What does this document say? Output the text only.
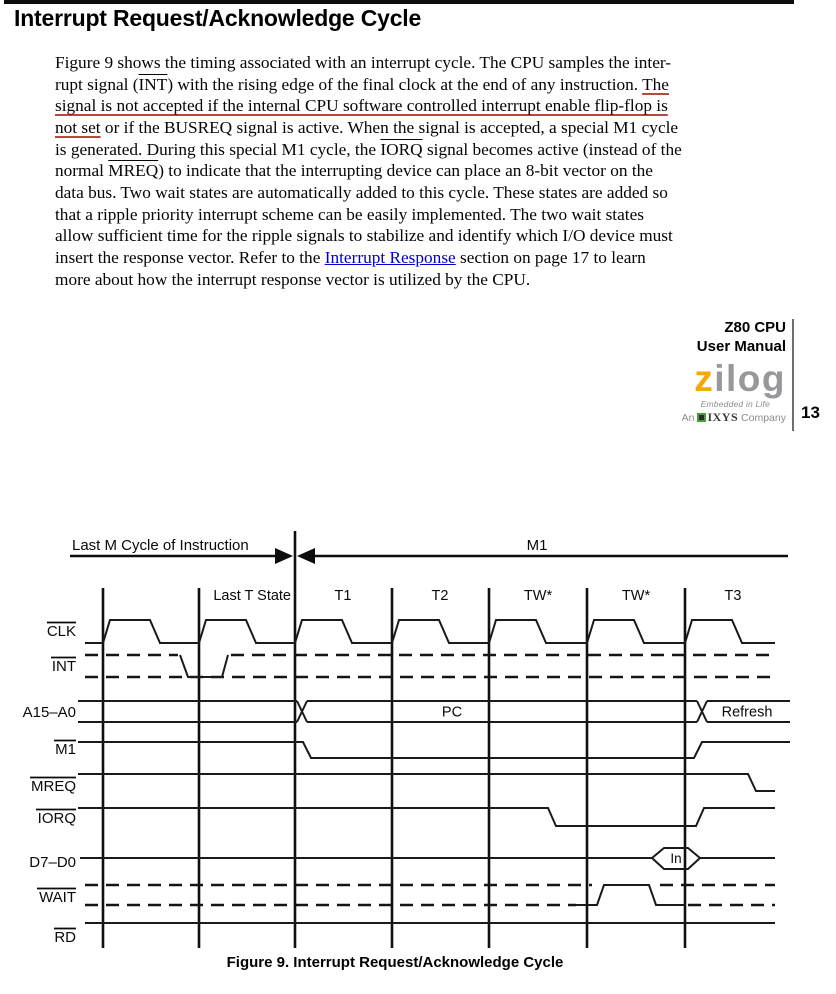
Interrupt Request/Acknowledge Cycle
Figure 9 shows the timing associated with an interrupt cycle. The CPU samples the inter-
rupt signal $(\overline{INT})$ with the rising edge of the final clock at the end of any instruction. The
signal is not accepted if the internal CPU software controlled interrupt enable flip-flop is
not set or if the BUSREQ signal is active. When the signal is accepted, a special M1 cycle
is generated. During this special M1 cycle, the IORQ signal becomes active (instead of the
normal MREQ) to indicate that the interrupting device can place an 8-bit vector on the
data bus. Two wait states are automatically added to this cycle. These states are added so
that a ripple priority interrupt scheme can be easily implemented. The two wait states
allow sufficient time for the ripple signals to stabilize and identify which I/O device must
insert the response vector. Refer to the Interrupt Response section on page 17 to learn
more about how the interrupt response vector is utilized by the CPU.
Z80 CPU
User Manual
zilog
Embedded in Life
An IXYS Company 13
Last M Cycle of Instruction	M1
Last T State	T1	T2	TW*	TW*	T3
CLK
INT
A15–A0
M1
MREQ
IORQ
D7–D0
WAIT
RD
PC	Refresh
In
Figure 9. Interrupt Request/Acknowledge Cycle
